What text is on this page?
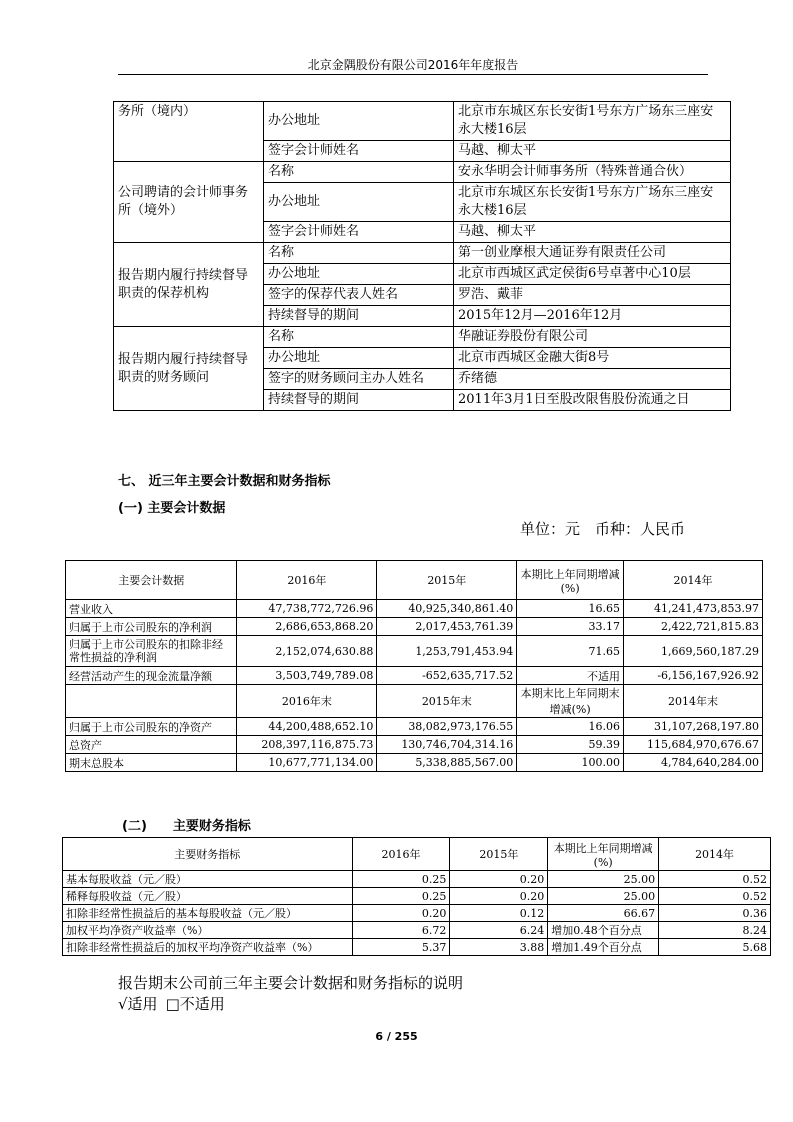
北京金隅股份有限公司2016年年度报告
务所（境内）	办公地址	北京市东城区东长安街1号东方广场东三座安永大楼16层
	签字会计师姓名	马越、柳太平
公司聘请的会计师事务所（境外）	名称	安永华明会计师事务所（特殊普通合伙）
	办公地址	北京市东城区东长安街1号东方广场东三座安永大楼16层
	签字会计师姓名	马越、柳太平
报告期内履行持续督导职责的保荐机构	名称	第一创业摩根大通证券有限责任公司
	办公地址	北京市西城区武定侯街6号卓著中心10层
	签字的保荐代表人姓名	罗浩、戴菲
	持续督导的期间	2015年12月—2016年12月
报告期内履行持续督导职责的财务顾问	名称	华融证券股份有限公司
	办公地址	北京市西城区金融大街8号
	签字的财务顾问主办人姓名	乔绪德
	持续督导的期间	2011年3月1日至股改限售股份流通之日
七、 近三年主要会计数据和财务指标
(一) 主要会计数据
单位：元　币种：人民币
主要会计数据	2016年	2015年	本期比上年同期增减(%)	2014年
营业收入	47,738,772,726.96	40,925,340,861.40	16.65	41,241,473,853.97
归属于上市公司股东的净利润	2,686,653,868.20	2,017,453,761.39	33.17	2,422,721,815.83
归属于上市公司股东的扣除非经常性损益的净利润	2,152,074,630.88	1,253,791,453.94	71.65	1,669,560,187.29
经营活动产生的现金流量净额	3,503,749,789.08	-652,635,717.52	不适用	-6,156,167,926.92
	2016年末	2015年末	本期末比上年同期末增减(%)	2014年末
归属于上市公司股东的净资产	44,200,488,652.10	38,082,973,176.55	16.06	31,107,268,197.80
总资产	208,397,116,875.73	130,746,704,314.16	59.39	115,684,970,676.67
期末总股本	10,677,771,134.00	5,338,885,567.00	100.00	4,784,640,284.00
(二) 主要财务指标
主要财务指标	2016年	2015年	本期比上年同期增减(%)	2014年
基本每股收益（元／股）	0.25	0.20	25.00	0.52
稀释每股收益（元／股）	0.25	0.20	25.00	0.52
扣除非经常性损益后的基本每股收益（元／股）	0.20	0.12	66.67	0.36
加权平均净资产收益率（%）	6.72	6.24	增加0.48个百分点	8.24
扣除非经常性损益后的加权平均净资产收益率（%）	5.37	3.88	增加1.49个百分点	5.68
报告期末公司前三年主要会计数据和财务指标的说明
√适用 □不适用
6 / 255
